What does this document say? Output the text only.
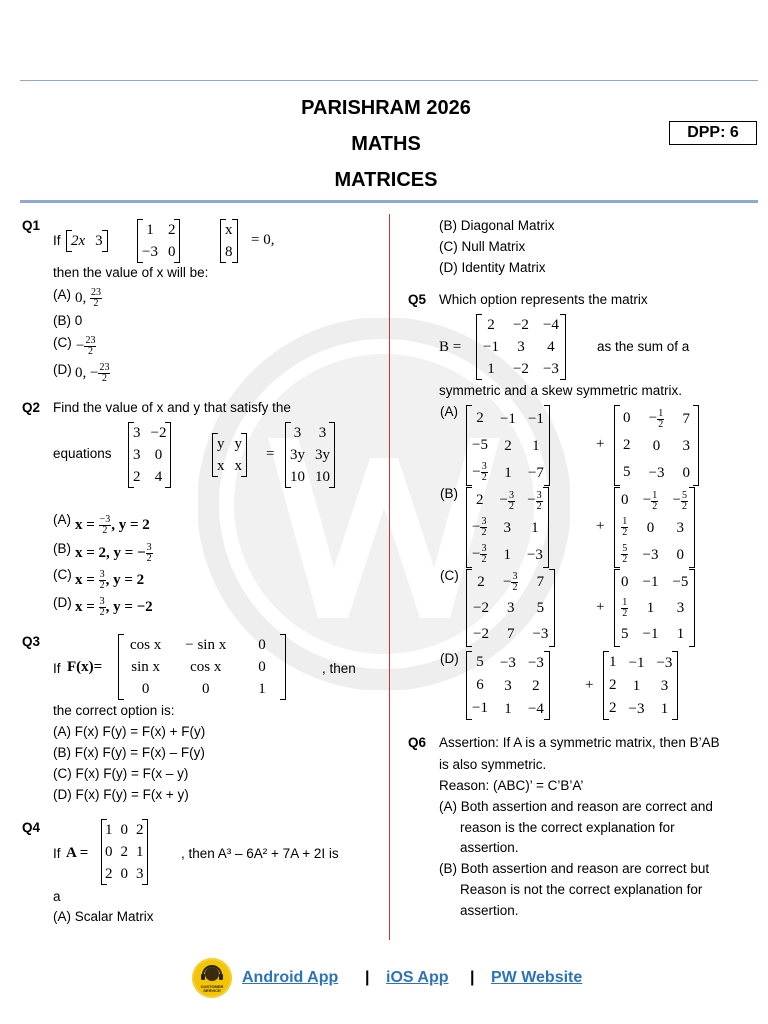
PARISHRAM 2026
MATHS
MATRICES
DPP: 6
Q1
If 2x	3
1	2
−3	0
x
8
= 0,
then the value of x will be:
(A) 0, $\frac{23}{2}$
(B) 0
$(C) - \frac{23}{2}$
(D) 0, − $\frac{23}{2}$
Q2 Find the value of x and y that satisfy the
equations
3	−2
3	0
2	4
y	y
x	x
=
3	3
3y	3y
10	10
(A) $x = \frac{-3}{2}$ , y = 2
(B) x = 2, y = − $\frac{3}{2}$
(C) $x = \frac{3}{2}$ , y = 2
(D) $x = \frac{3}{2}$ , y = −2
Q3
If F(x)=
cos x	− sin x	0
sin x	cos x	0
0	0	1
, then
the correct option is:
(A) F(x) F(y) = F(x) + F(y)
(B) F(x) F(y) = F(x) – F(y)
(C) F(x) F(y) = F(x – y)
(D) F(x) F(y) = F(x + y)
Q4
If A =
1	0	2
0	2	1
2	0	3
, then A³ – 6A² + 7A + 2I is
a
(A) Scalar Matrix
(B) Diagonal Matrix
(C) Null Matrix
(D) Identity Matrix
Q5 Which option represents the matrix
B =
2	−2	−4
−1	3	4
1	−2	−3
as the sum of a
symmetric and a skew symmetric matrix.
(A) 2	−1	−1
−5	2	1
− $\frac{3}{2}$	1	−7
+
0	− $\frac{1}{2}$	7
2	0	3
5	−3	0
(B) 2	− $\frac{3}{2}$	− $\frac{3}{2}$

− $\frac{3}{2}$	3	1
− $\frac{3}{2}$	1	−3
+
0	− $\frac{1}{2}$	− $\frac{5}{2}$

$\frac{1}{2}$	0	3

$\frac{5}{2}$	−3	0
(C) 2	− $\frac{3}{2}$	7
−2	3	5
−2	7	−3
+
0	−1	−5

$\frac{1}{2}$	1	3
5	−1	1
(D) 5	−3	−3
6	3	2
−1	1	−4
+
1	−1	−3
2	1	3
2	−3	1
Q6 Assertion: If A is a symmetric matrix, then B’AB
is also symmetric.
Reason: (ABC)’ = C’B’A’
(A) Both assertion and reason are correct and
reason is the correct explanation for
assertion.
(B) Both assertion and reason are correct but
Reason is not the correct explanation for
assertion.
CUSTOMER SERVICE
Android App | iOS App | PW Website
